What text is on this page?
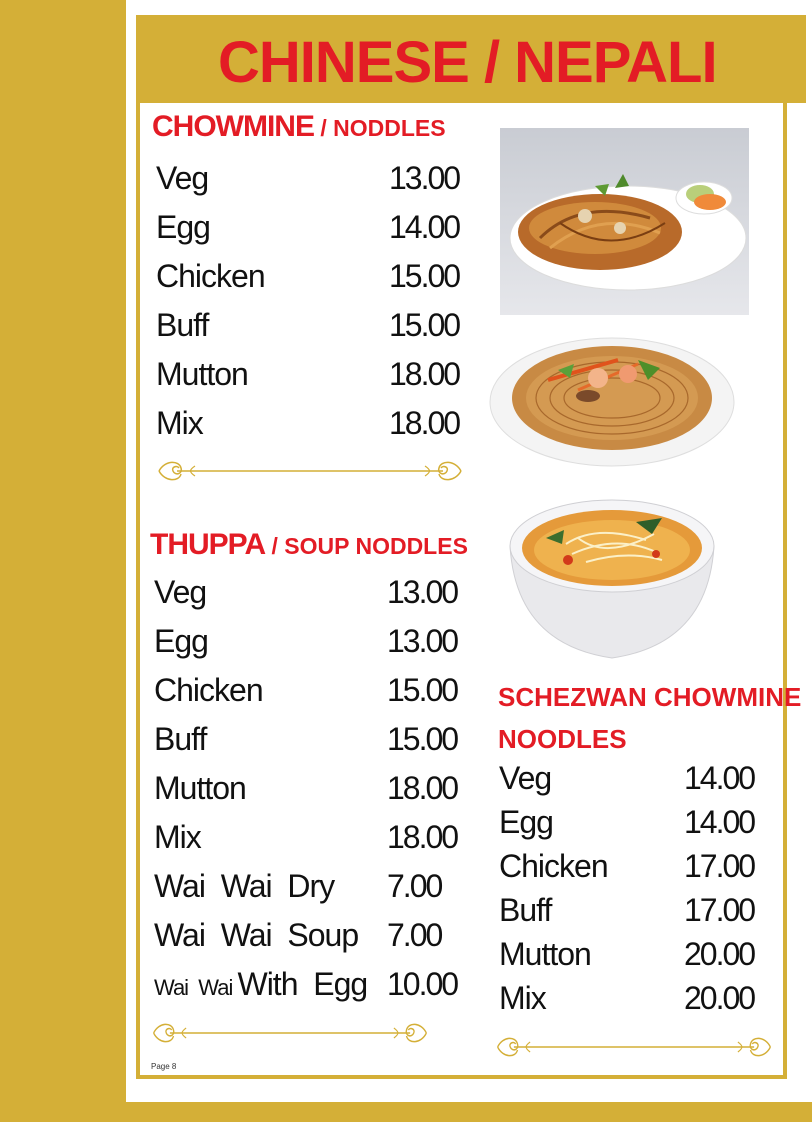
CHINESE / NEPALI
CHOWMINE / NODDLES
Veg	13.00
Egg	14.00
Chicken	15.00
Buff	15.00
Mutton	18.00
Mix	18.00
THUPPA / SOUP NODDLES
Veg	13.00
Egg	13.00
Chicken	15.00
Buff	15.00
Mutton	18.00
Mix	18.00
Wai  Wai  Dry 7.00
Wai  Wai  Soup 7.00
Wai  Wai With  Egg 10.00
SCHEZWAN CHOWMINE
NOODLES
Veg	14.00
Egg	14.00
Chicken 17.00
Buff	17.00
Mutton	20.00
Mix	20.00
Page 8
